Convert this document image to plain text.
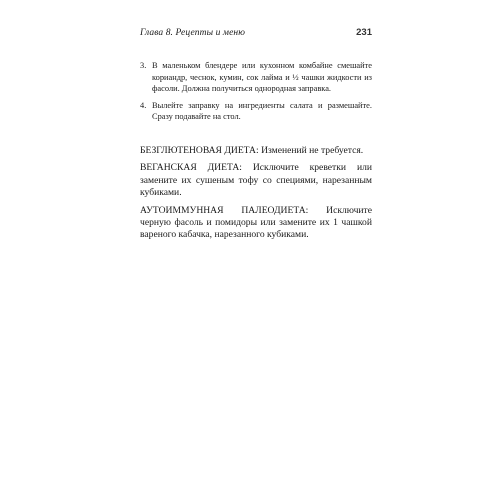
Глава 8. Рецепты и меню	231
3. В маленьком блендере или кухонном комбайне смешайте кориандр, чеснок, кумин, сок лайма и ½ чашки жидкости из фасоли. Должна получиться однородная заправка.
4. Вылейте заправку на ингредиенты салата и размешайте. Сразу подавайте на стол.

БЕЗГЛЮТЕНОВАЯ ДИЕТА: Изменений не требуется.

ВЕГАНСКАЯ ДИЕТА: Исключите креветки или замените их сушеным тофу со специями, нарезанным кубиками.

АУТОИММУННАЯ ПАЛЕОДИЕТА: Исключите черную фасоль и помидоры или замените их 1 чашкой вареного кабачка, нарезанного кубиками.
